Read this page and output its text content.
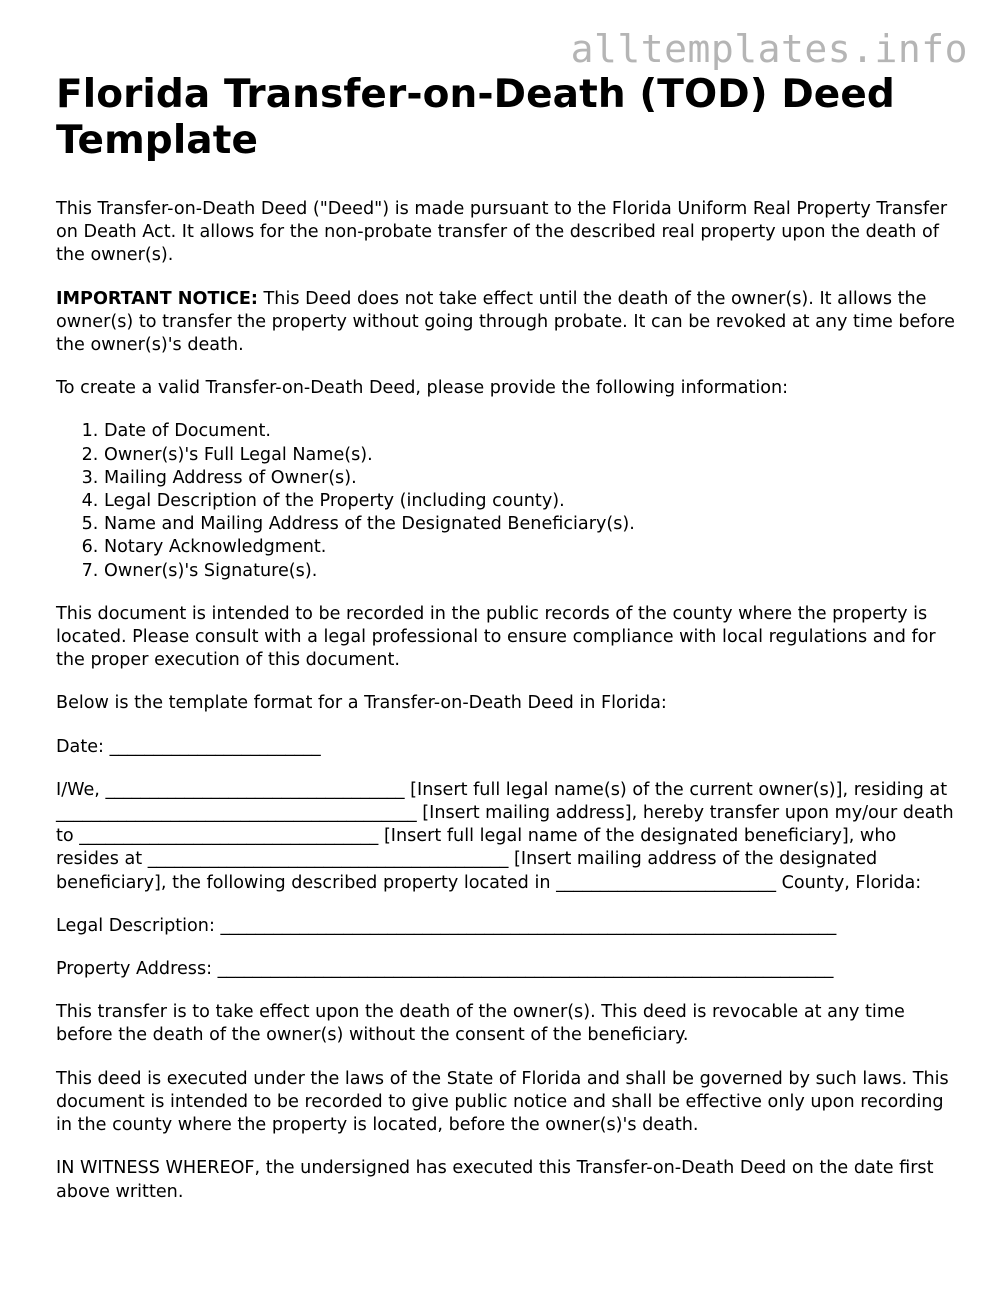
alltemplates.info
Florida Transfer-on-Death (TOD) Deed Template

This Transfer-on-Death Deed ("Deed") is made pursuant to the Florida Uniform Real Property Transfer on Death Act. It allows for the non-probate transfer of the described real property upon the death of the owner(s).

IMPORTANT NOTICE: This Deed does not take effect until the death of the owner(s). It allows the owner(s) to transfer the property without going through probate. It can be revoked at any time before the owner(s)'s death.

To create a valid Transfer-on-Death Deed, please provide the following information:

1. Date of Document.
2. Owner(s)'s Full Legal Name(s).
3. Mailing Address of Owner(s).
4. Legal Description of the Property (including county).
5. Name and Mailing Address of the Designated Beneficiary(s).
6. Notary Acknowledgment.
7. Owner(s)'s Signature(s).

This document is intended to be recorded in the public records of the county where the property is located. Please consult with a legal professional to ensure compliance with local regulations and for the proper execution of this document.

Below is the template format for a Transfer-on-Death Deed in Florida:

Date: ________________________

I/We, __________________________________ [Insert full legal name(s) of the current owner(s)], residing at _________________________________________ [Insert mailing address], hereby transfer upon my/our death to __________________________________ [Insert full legal name of the designated beneficiary], who resides at _________________________________________ [Insert mailing address of the designated beneficiary], the following described property located in _________________________ County, Florida:

Legal Description: ______________________________________________________________________

Property Address: ______________________________________________________________________

This transfer is to take effect upon the death of the owner(s). This deed is revocable at any time before the death of the owner(s) without the consent of the beneficiary.

This deed is executed under the laws of the State of Florida and shall be governed by such laws. This document is intended to be recorded to give public notice and shall be effective only upon recording in the county where the property is located, before the owner(s)'s death.

IN WITNESS WHEREOF, the undersigned has executed this Transfer-on-Death Deed on the date first above written.
